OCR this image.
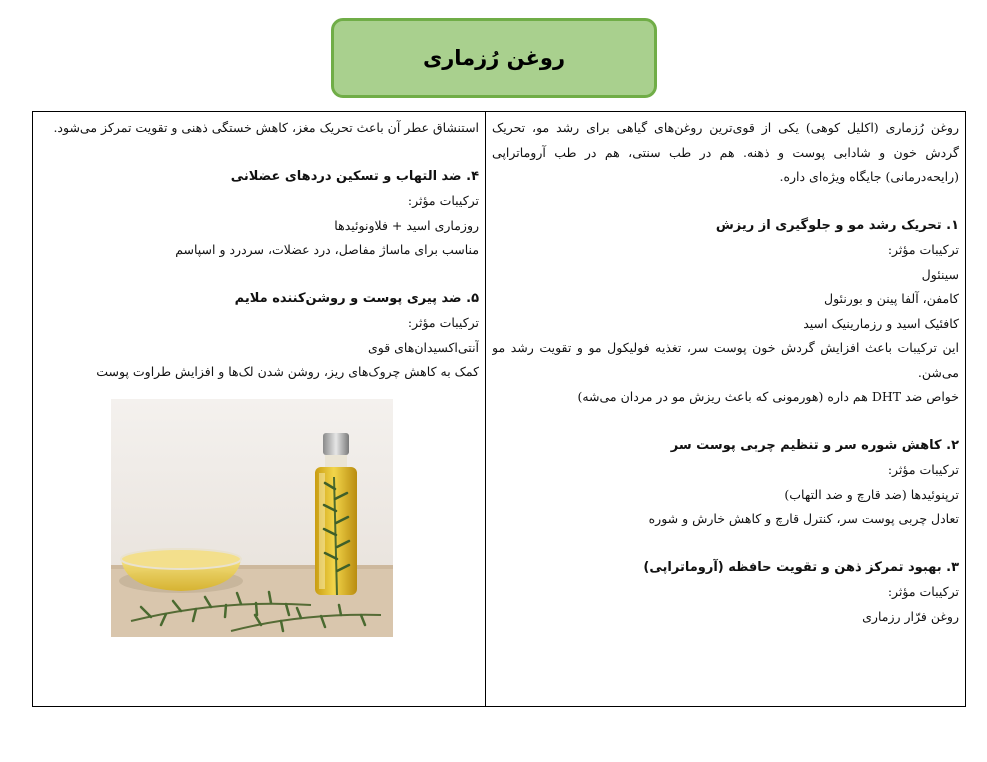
روغن رُزماری
روغن رُزماری (اکلیل کوهی) یکی از قوی‌ترین روغن‌های گیاهی برای رشد مو، تحریک گردش خون و شادابی پوست و ذهنه. هم در طب سنتی، هم در طب آروماتراپی (رایحه‌درمانی) جایگاه ویژه‌ای داره.
۱. تحریک رشد مو و جلوگیری از ریزش
ترکیبات مؤثر:
سینئول
کامفن، آلفا پینن و بورنئول
کافئیک اسید و رزمارینیک اسید
این ترکیبات باعث افزایش گردش خون پوست سر، تغذیه فولیکول مو و تقویت رشد مو می‌شن.
خواص ضد DHT هم داره (هورمونی که باعث ریزش مو در مردان می‌شه)
۲. کاهش شوره سر و تنظیم چربی پوست سر
ترکیبات مؤثر:
ترپنوئیدها (ضد قارچ و ضد التهاب)
تعادل چربی پوست سر، کنترل قارچ و کاهش خارش و شوره
۳. بهبود تمرکز ذهن و تقویت حافظه (آروماتراپی)
ترکیبات مؤثر:
روغن فرّار رزماری
استنشاق عطر آن باعث تحریک مغز، کاهش خستگی ذهنی و تقویت تمرکز می‌شود.
۴. ضد التهاب و تسکین دردهای عضلانی
ترکیبات مؤثر:
روزماری اسید + فلاونوئیدها
مناسب برای ماساژ مفاصل، درد عضلات، سردرد و اسپاسم
۵. ضد پیری پوست و روشن‌کننده ملایم
ترکیبات مؤثر:
آنتی‌اکسیدان‌های قوی
کمک به کاهش چروک‌های ریز، روشن شدن لک‌ها و افزایش طراوت پوست
